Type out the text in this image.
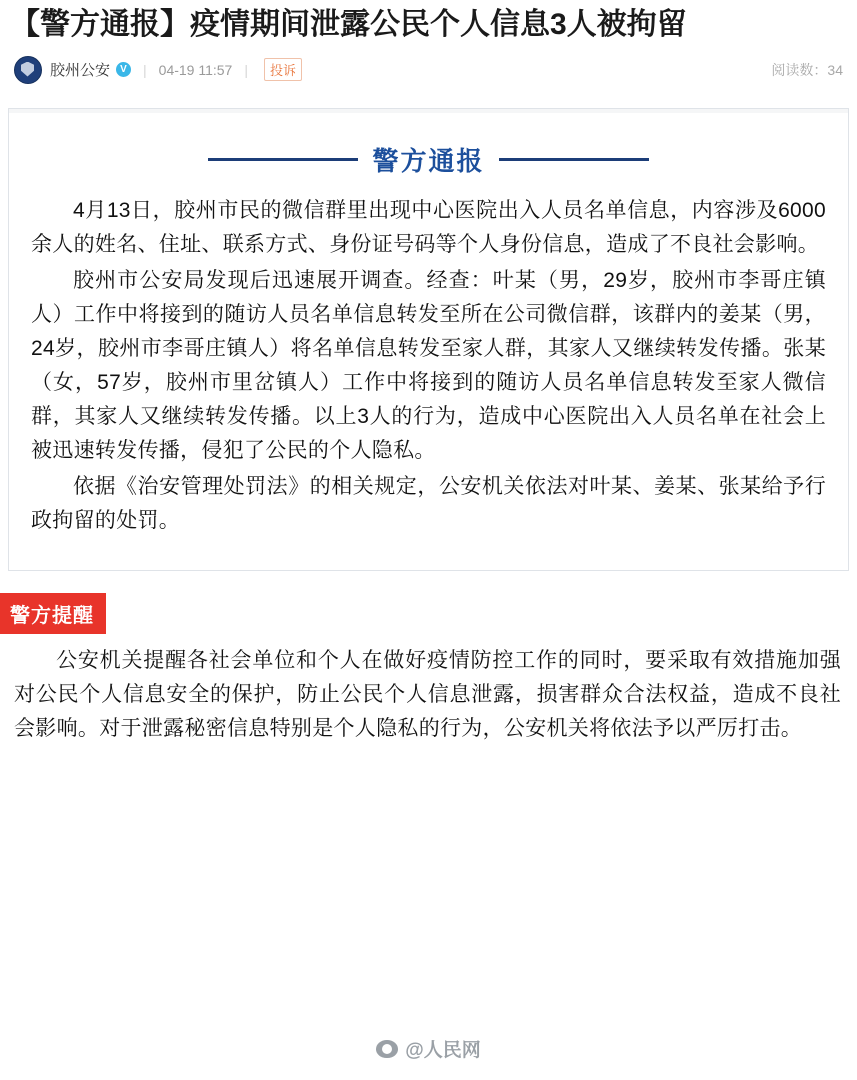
【警方通报】疫情期间泄露公民个人信息3人被拘留
胶州公安	V | 04-19 11:57 |	投诉	阅读数：34
警方通报

4月13日，胶州市民的微信群里出现中心医院出入人员名单信息，内容涉及6000余人的姓名、住址、联系方式、身份证号码等个人身份信息，造成了不良社会影响。

胶州市公安局发现后迅速展开调查。经查：叶某（男，29岁，胶州市李哥庄镇人）工作中将接到的随访人员名单信息转发至所在公司微信群，该群内的姜某（男，24岁，胶州市李哥庄镇人）将名单信息转发至家人群，其家人又继续转发传播。张某（女，57岁，胶州市里岔镇人）工作中将接到的随访人员名单信息转发至家人微信群，其家人又继续转发传播。以上3人的行为，造成中心医院出入人员名单在社会上被迅速转发传播，侵犯了公民的个人隐私。

依据《治安管理处罚法》的相关规定，公安机关依法对叶某、姜某、张某给予行政拘留的处罚。

警方提醒

公安机关提醒各社会单位和个人在做好疫情防控工作的同时，要采取有效措施加强对公民个人信息安全的保护，防止公民个人信息泄露，损害群众合法权益，造成不良社会影响。对于泄露秘密信息特别是个人隐私的行为，公安机关将依法予以严厉打击。

@人民网
